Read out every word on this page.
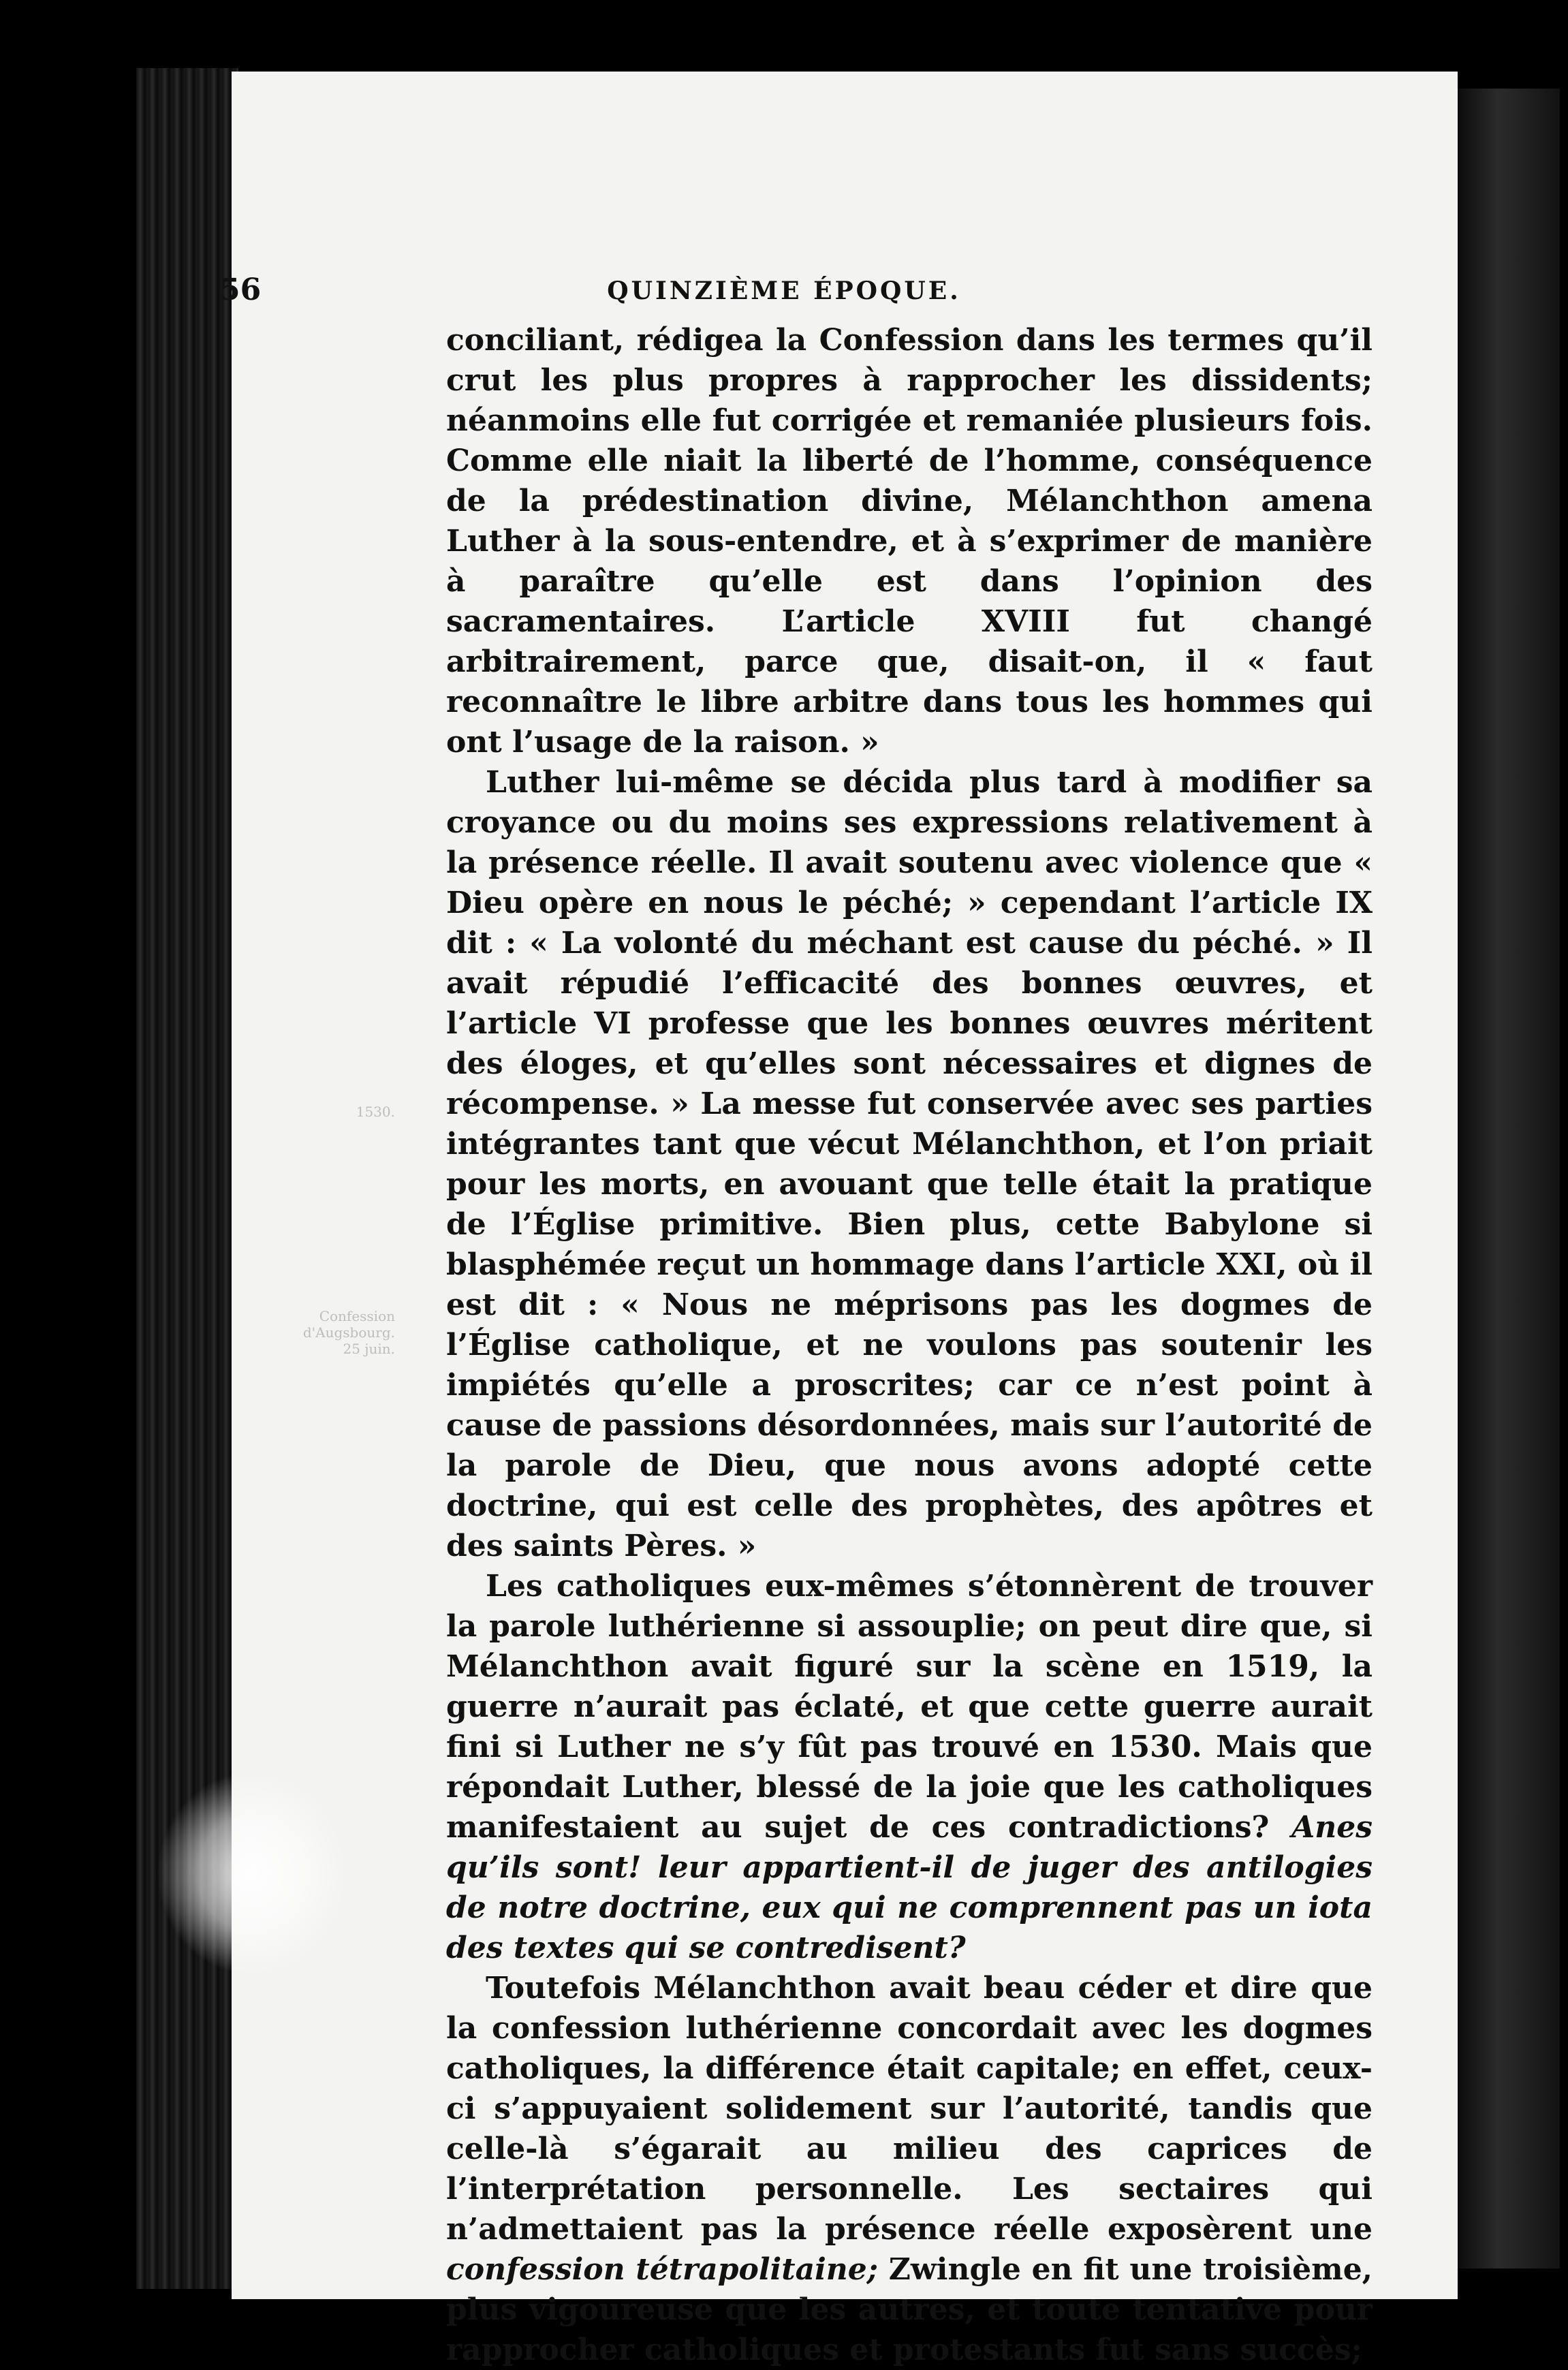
56	QUINZIÈME ÉPOQUE.
1530.
Confession d'Augsbourg. 25 juin.

conciliant, rédigea la Confession dans les termes qu’il crut les plus propres à rapprocher les dissidents; néanmoins elle fut corrigée et remaniée plusieurs fois. Comme elle niait la liberté de l’homme, conséquence de la prédestination divine, Mélanchthon amena Luther à la sous-entendre, et à s’exprimer de manière à paraître qu’elle est dans l’opinion des sacramentaires. L’article XVIII fut changé arbitrairement, parce que, disait-on, il « faut reconnaître le libre arbitre dans tous les hommes qui ont l’usage de la raison. »

Luther lui-même se décida plus tard à modifier sa croyance ou du moins ses expressions relativement à la présence réelle. Il avait soutenu avec violence que « Dieu opère en nous le péché; » cependant l’article IX dit : « La volonté du méchant est cause du péché. » Il avait répudié l’efficacité des bonnes œuvres, et l’article VI professe que les bonnes œuvres méritent des éloges, et qu’elles sont nécessaires et dignes de récompense. » La messe fut conservée avec ses parties intégrantes tant que vécut Mélanchthon, et l’on priait pour les morts, en avouant que telle était la pratique de l’Église primitive. Bien plus, cette Babylone si blasphémée reçut un hommage dans l’article XXI, où il est dit : « Nous ne méprisons pas les dogmes de l’Église catholique, et ne voulons pas soutenir les impiétés qu’elle a proscrites; car ce n’est point à cause de passions désordonnées, mais sur l’autorité de la parole de Dieu, que nous avons adopté cette doctrine, qui est celle des prophètes, des apôtres et des saints Pères. »

Les catholiques eux-mêmes s’étonnèrent de trouver la parole luthérienne si assouplie; on peut dire que, si Mélanchthon avait figuré sur la scène en 1519, la guerre n’aurait pas éclaté, et que cette guerre aurait fini si Luther ne s’y fût pas trouvé en 1530. Mais que répondait Luther, blessé de la joie que les catholiques manifestaient au sujet de ces contradictions? Anes qu’ils sont! leur appartient-il de juger des antilogies de notre doctrine, eux qui ne comprennent pas un iota des textes qui se contredisent?

Toutefois Mélanchthon avait beau céder et dire que la confession luthérienne concordait avec les dogmes catholiques, la différence était capitale; en effet, ceux-ci s’appuyaient solidement sur l’autorité, tandis que celle-là s’égarait au milieu des caprices de l’interprétation personnelle. Les sectaires qui n’admettaient pas la présence réelle exposèrent une confession tétrapolitaine; Zwingle en fit une troisième, plus vigoureuse que les autres, et toute tentative pour rapprocher catholiques et protestants fut sans succès;
